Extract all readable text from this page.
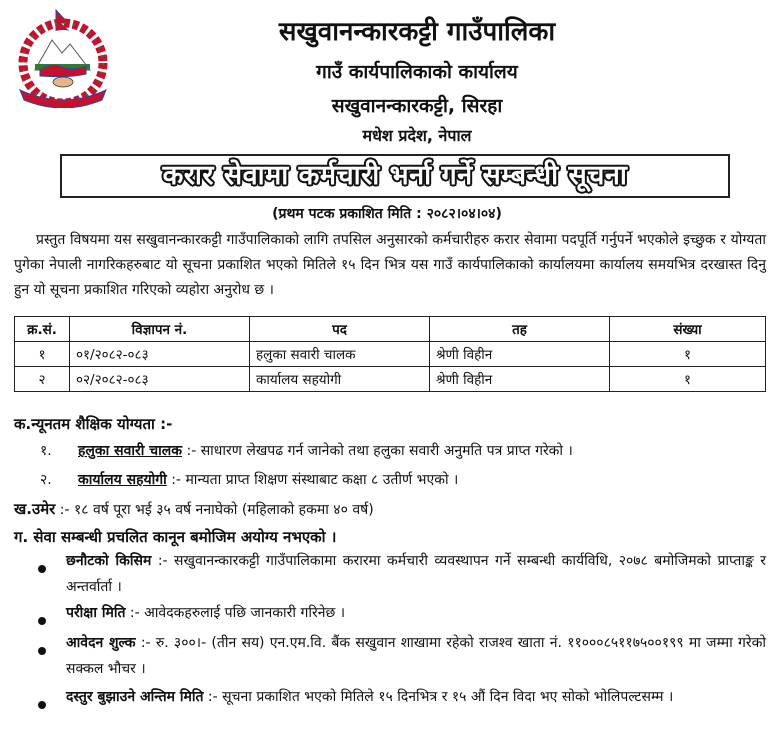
सखुवानन्कारकट्टी गाउँपालिका
गाउँ कार्यपालिकाको कार्यालय
सखुवानन्कारकट्टी, सिरहा
मधेश प्रदेश, नेपाल
करार सेवामा कर्मचारी भर्ना गर्ने सम्बन्धी सूचना
(प्रथम पटक प्रकाशित मिति : २०८२।०४।०४)
प्रस्तुत विषयमा यस सखुवानन्कारकट्टी गाउँपालिकाको लागि तपसिल अनुसारको कर्मचारीहरु करार सेवामा पदपूर्ति गर्नुपर्ने भएकोले इच्छुक र योग्यता पुगेका नेपाली नागरिकहरुबाट यो सूचना प्रकाशित भएको मितिले १५ दिन भित्र यस गाउँ कार्यपालिकाको कार्यालयमा कार्यालय समयभित्र दरखास्त दिनु हुन यो सूचना प्रकाशित गरिएको व्यहोरा अनुरोध छ ।
क्र.सं.	विज्ञापन नं.	पद	तह	संख्या
१	०१/२०८२-०८३	हलुका सवारी चालक	श्रेणी विहीन	१
२	०२/२०८२-०८३	कार्यालय सहयोगी	श्रेणी विहीन	१
क.न्यूनतम शैक्षिक योग्यता :-
१. हलुका सवारी चालक :- साधारण लेखपढ गर्न जानेको तथा हलुका सवारी अनुमति पत्र प्राप्त गरेको ।
२. कार्यालय सहयोगी :- मान्यता प्राप्त शिक्षण संस्थाबाट कक्षा ८ उतीर्ण भएको ।
ख.उमेर :- १८ वर्ष पूरा भई ३५ वर्ष ननाघेको (महिलाको हकमा ४० वर्ष)
ग. सेवा सम्बन्धी प्रचलित कानून बमोजिम अयोग्य नभएको ।
छनौटको किसिम :- सखुवानन्कारकट्टी गाउँपालिकामा करारमा कर्मचारी व्यवस्थापन गर्ने सम्बन्धी कार्यविधि, २०७८ बमोजिमको प्राप्ताङ्क र अन्तर्वार्ता ।
परीक्षा मिति :- आवेदकहरुलाई पछि जानकारी गरिनेछ ।
आवेदन शुल्क :- रु. ३००।- (तीन सय) एन.एम.वि. बैंक सखुवान शाखामा रहेको राजश्व खाता नं. ११०००८५११७५००१९९ मा जम्मा गरेको सक्कल भौचर ।
दस्तुर बुझाउने अन्तिम मिति :- सूचना प्रकाशित भएको मितिले १५ दिनभित्र र १५ औं दिन विदा भए सोको भोलिपल्टसम्म ।
